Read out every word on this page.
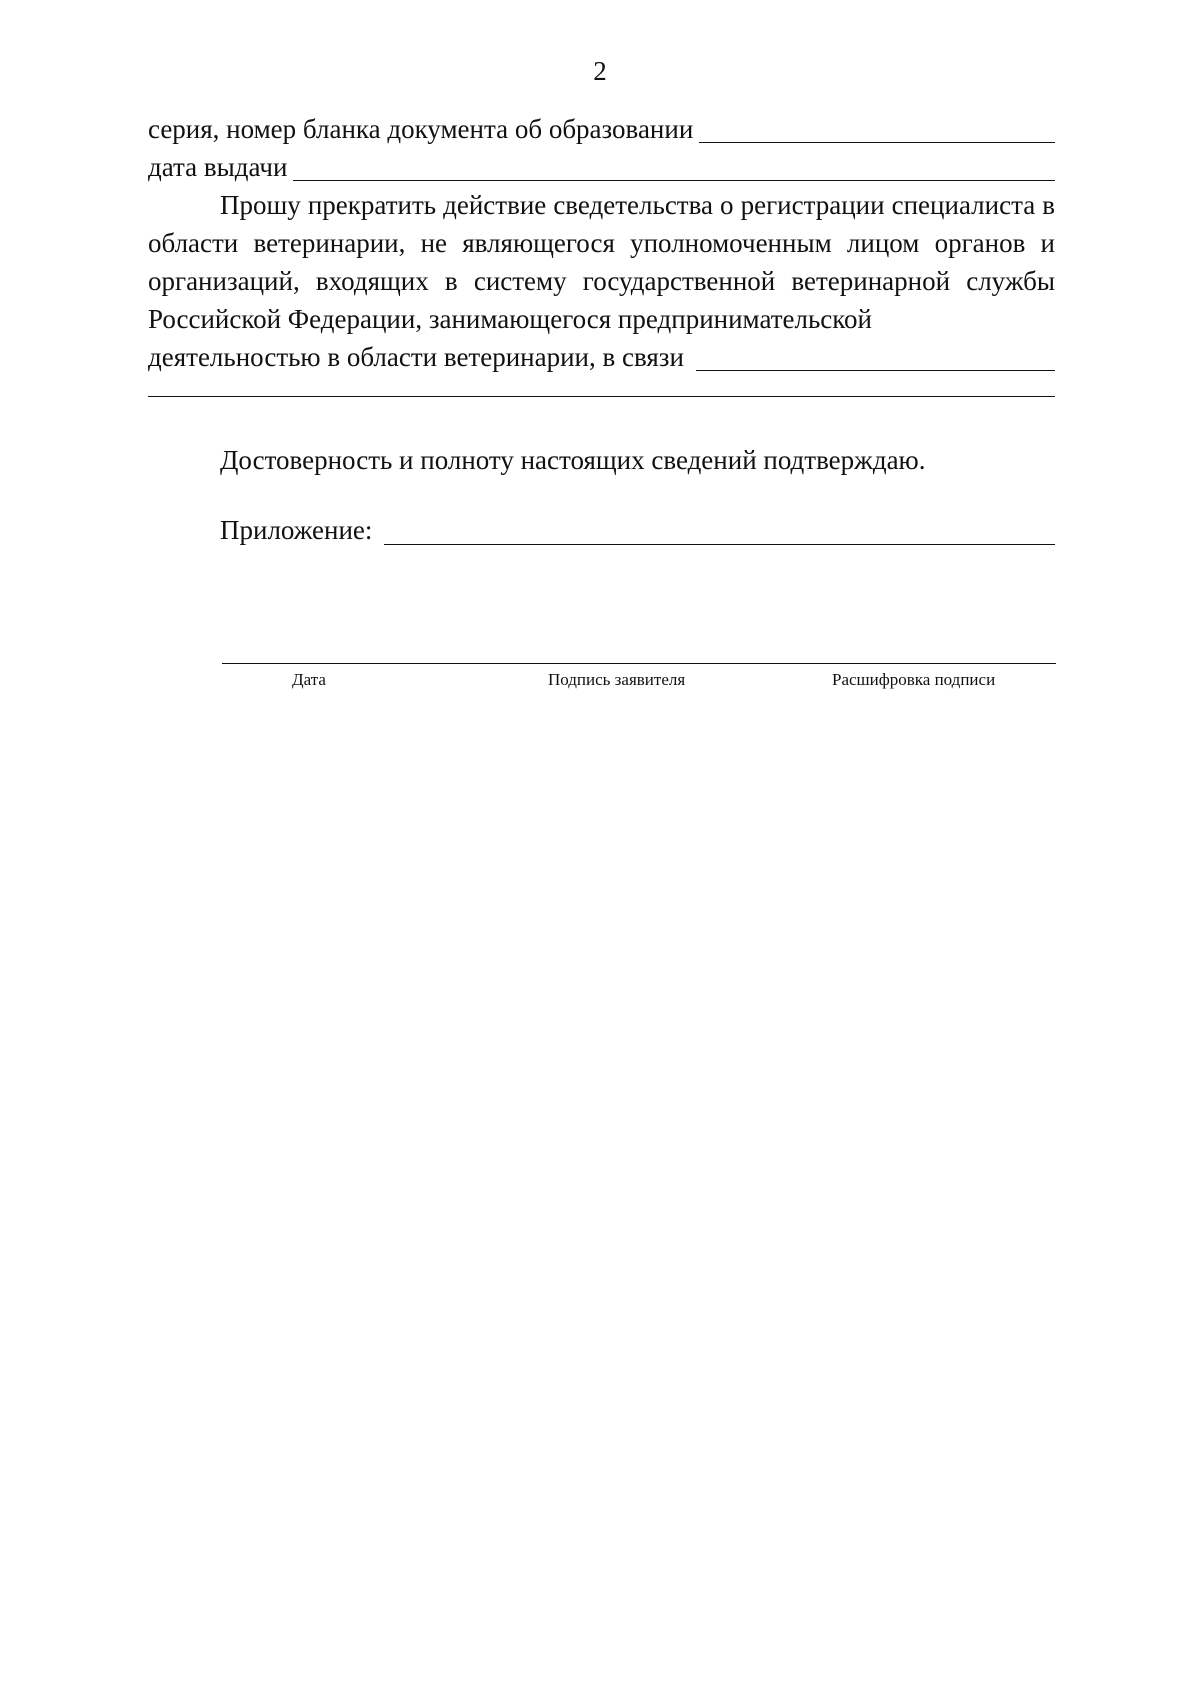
2
серия, номер бланка документа об образовании
дата выдачи

Прошу прекратить действие сведетельства о регистрации специалиста в области ветеринарии, не являющегося уполномоченным лицом органов и организаций, входящих в систему государственной ветеринарной службы Российской Федерации, занимающегося предпринимательской

деятельностью в области ветеринарии, в связи
Достоверность и полноту настоящих сведений подтверждаю.
Приложение:
Дата	Подпись заявителя	Расшифровка подписи
